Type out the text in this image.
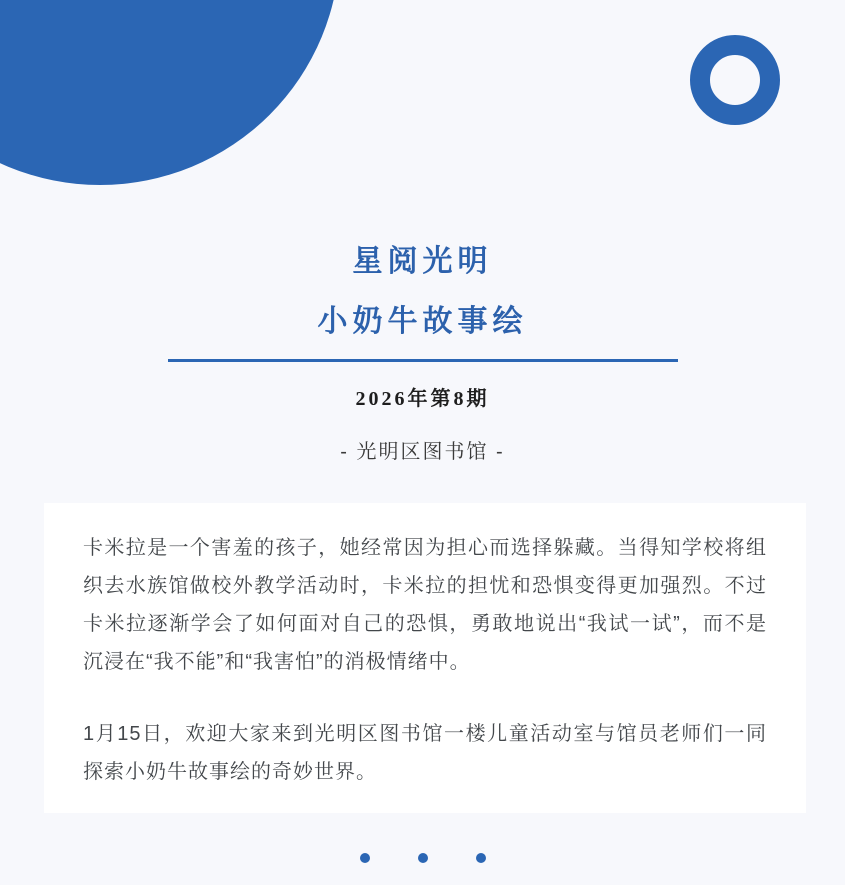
星阅光明
小奶牛故事绘
2026年第8期
- 光明区图书馆 -

卡米拉是一个害羞的孩子，她经常因为担心而选择躲藏。当得知学校将组织去水族馆做校外教学活动时，卡米拉的担忧和恐惧变得更加强烈。不过卡米拉逐渐学会了如何面对自己的恐惧，勇敢地说出“我试一试”，而不是沉浸在“我不能”和“我害怕”的消极情绪中。

1月15日，欢迎大家来到光明区图书馆一楼儿童活动室与馆员老师们一同探索小奶牛故事绘的奇妙世界。
